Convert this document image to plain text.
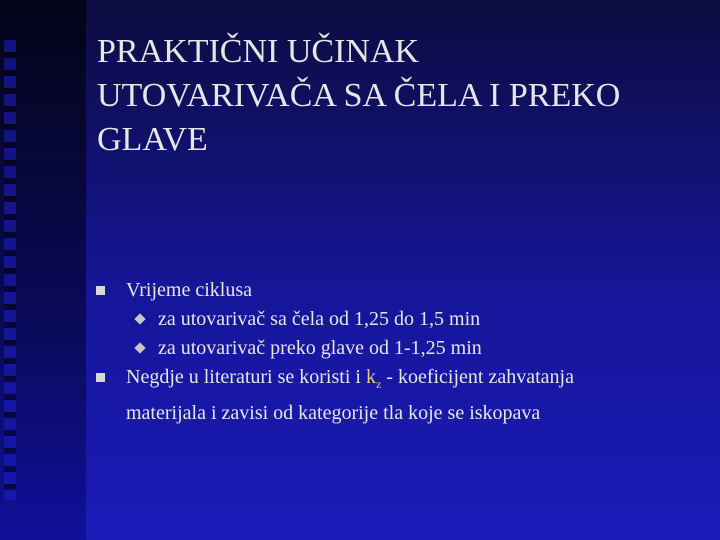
PRAKTIČNI UČINAK
UTOVARIVAČA SA ČELA I PREKO
GLAVE
Vrijeme ciklusa
za utovarivač sa čela od 1,25 do 1,5 min
za utovarivač preko glave od 1-1,25 min
Negdje u literaturi se koristi i $k_z$ - koeficijent zahvatanja
materijala i zavisi od kategorije tla koje se iskopava
